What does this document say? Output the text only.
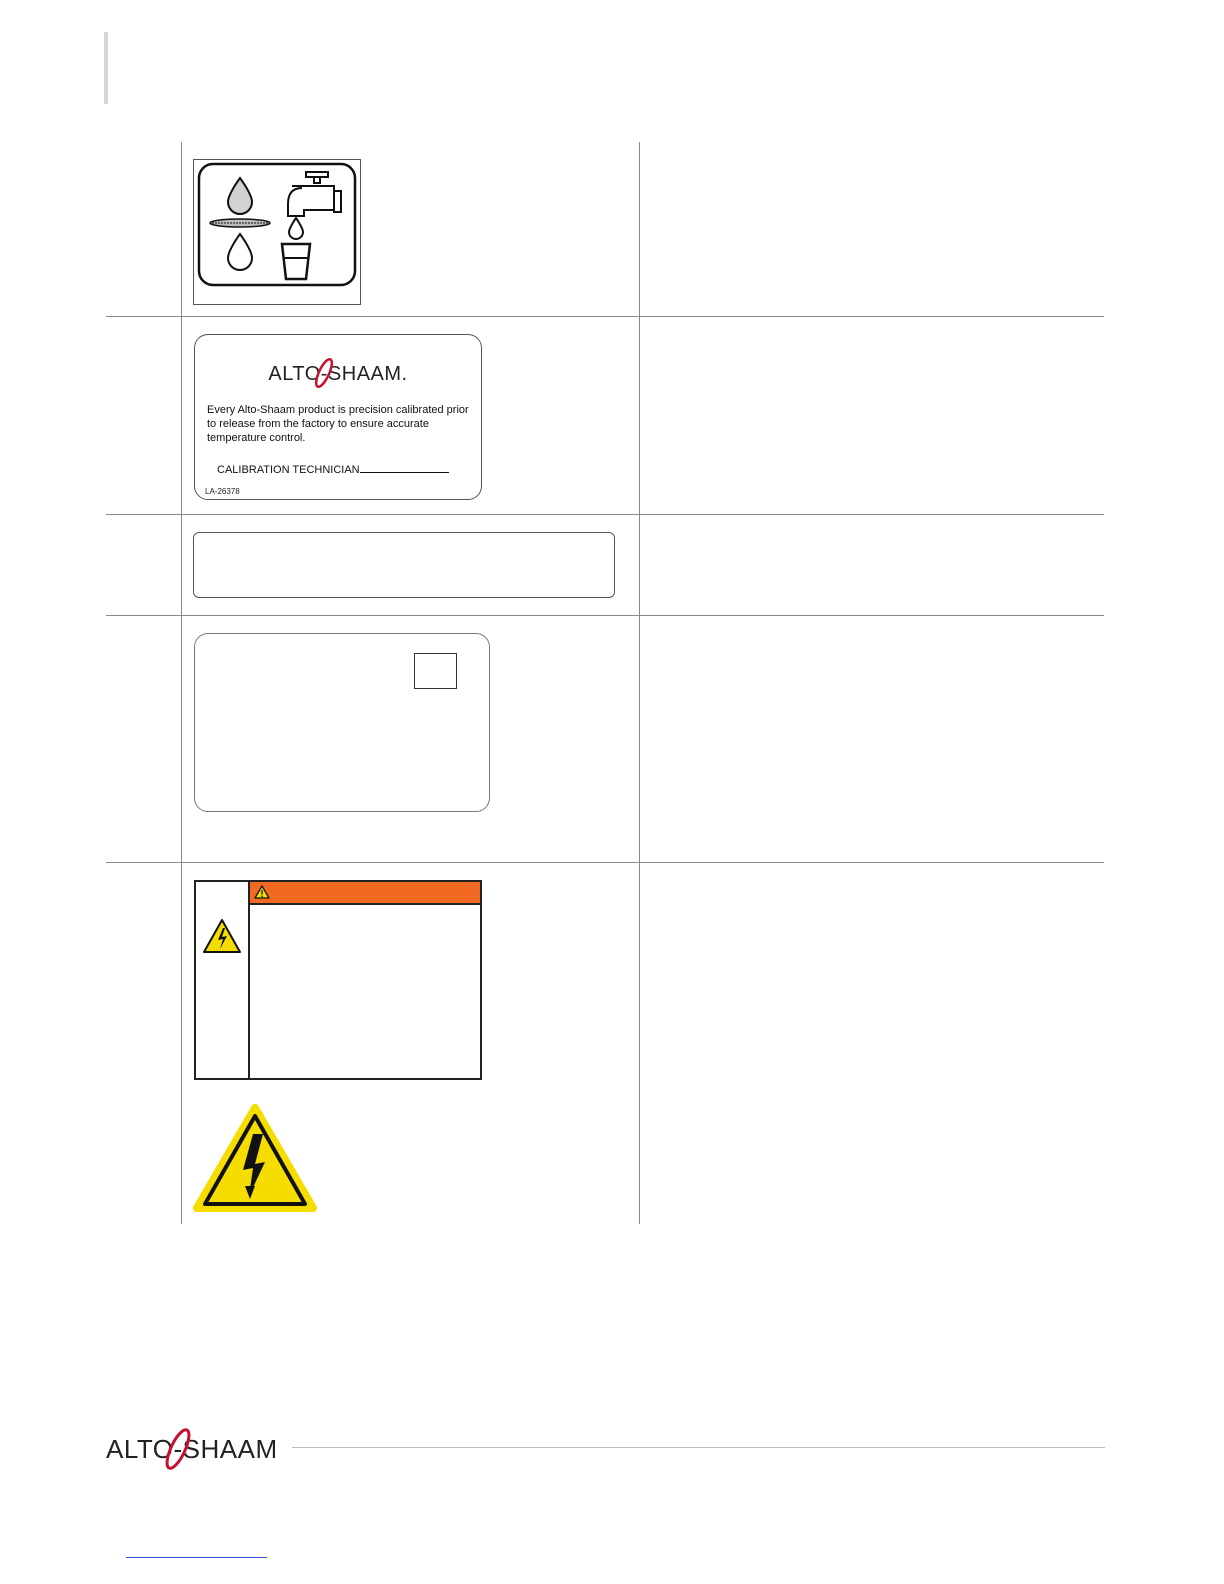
ALTO-SHAAM.
Every Alto-Shaam product is precision calibrated prior to release from the factory to ensure accurate temperature control.
CALIBRATION TECHNICIAN
LA-26378
ALTO-SHAAM.
